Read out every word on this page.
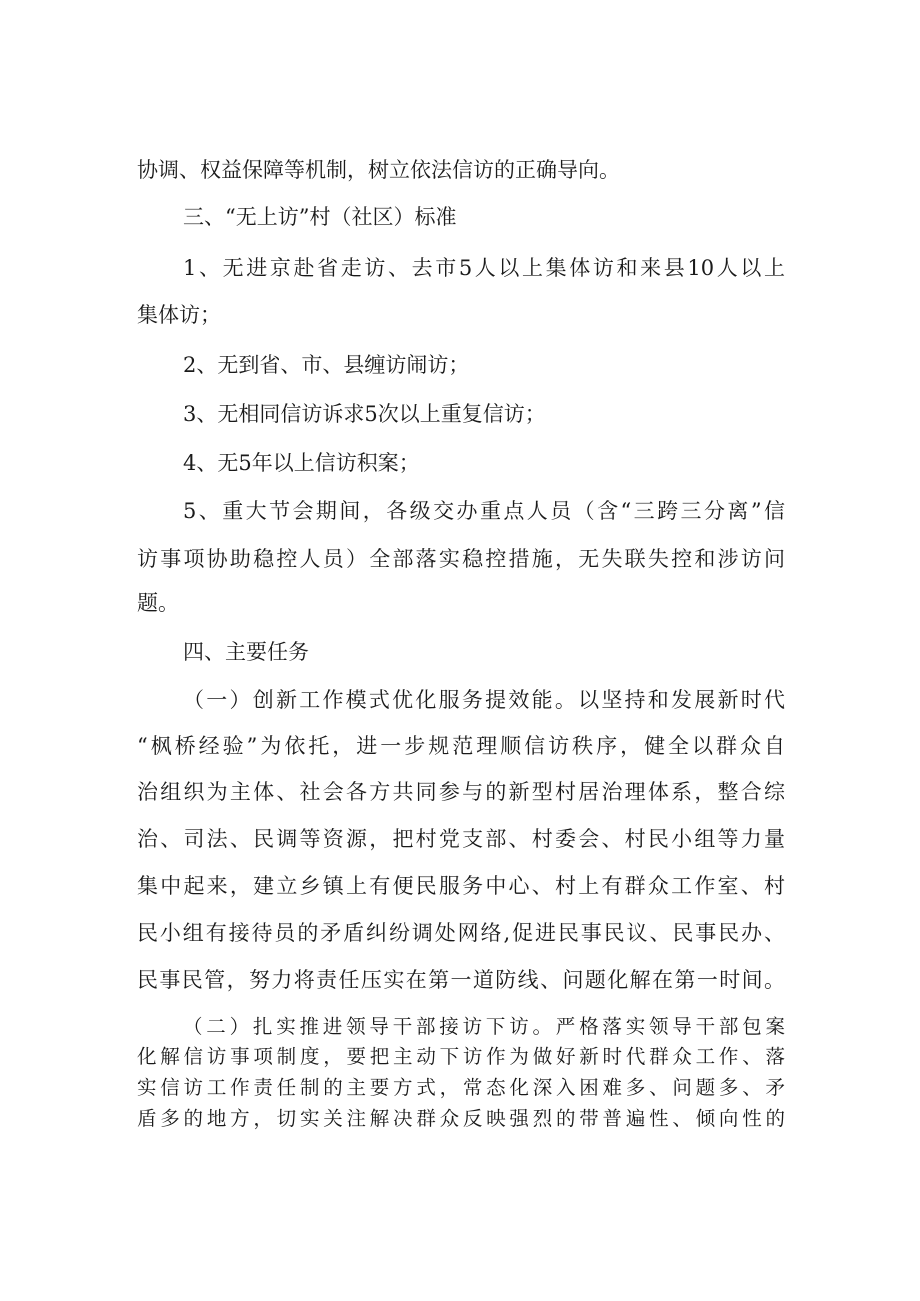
协调、权益保障等机制，树立依法信访的正确导向。

三、“无上访”村（社区）标准

1、无进京赴省走访、去市5人以上集体访和来县10人以上

集体访；

2、无到省、市、县缠访闹访；

3、无相同信访诉求5次以上重复信访；

4、无5年以上信访积案；

5、重大节会期间，各级交办重点人员（含“三跨三分离”信

访事项协助稳控人员）全部落实稳控措施，无失联失控和涉访问

题。

四、主要任务

（一）创新工作模式优化服务提效能。以坚持和发展新时代

“枫桥经验”为依托，进一步规范理顺信访秩序，健全以群众自

治组织为主体、社会各方共同参与的新型村居治理体系，整合综

治、司法、民调等资源，把村党支部、村委会、村民小组等力量

集中起来，建立乡镇上有便民服务中心、村上有群众工作室、村

民小组有接待员的矛盾纠纷调处网络,促进民事民议、民事民办、

民事民管，努力将责任压实在第一道防线、问题化解在第一时间。

（二）扎实推进领导干部接访下访。严格落实领导干部包案

化解信访事项制度，要把主动下访作为做好新时代群众工作、落

实信访工作责任制的主要方式，常态化深入困难多、问题多、矛

盾多的地方，切实关注解决群众反映强烈的带普遍性、倾向性的
